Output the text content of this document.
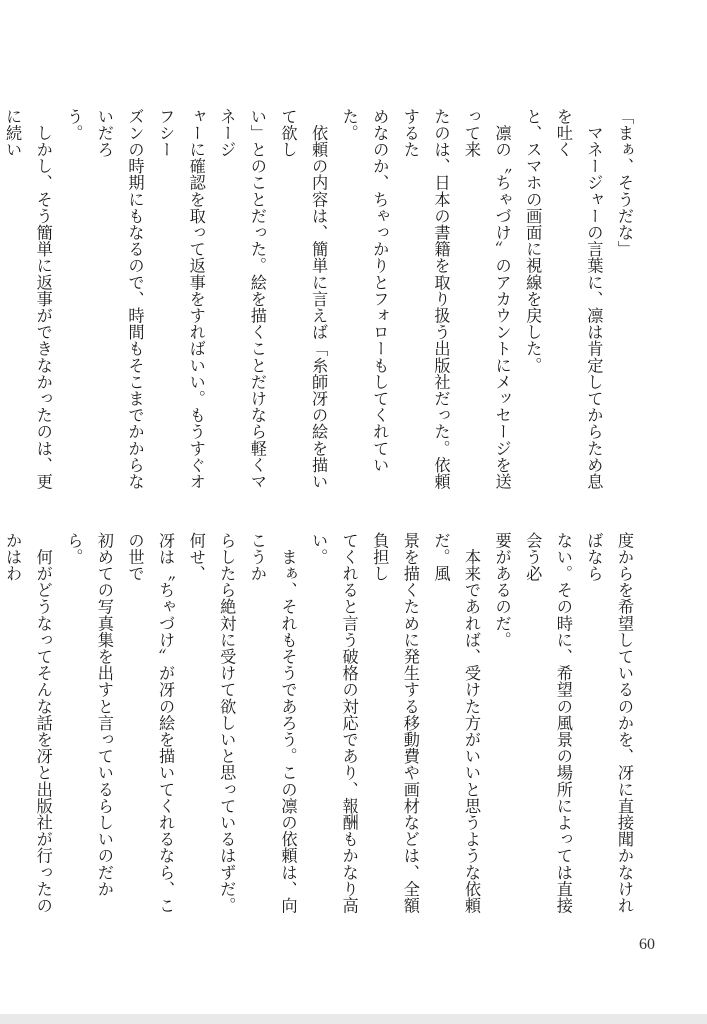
「まぁ、そうだな」

　マネージャーの言葉に、凛は肯定してからため息を吐く
と、スマホの画面に視線を戻した。

　凛の〝ちゃづけ〟のアカウントにメッセージを送って来
たのは、日本の書籍を取り扱う出版社だった。依頼するた
めなのか、ちゃっかりとフォローもしてくれていた。

　依頼の内容は、簡単に言えば「糸師冴の絵を描いて欲し
い」とのことだった。絵を描くことだけなら軽くマネージ
ャーに確認を取って返事をすればいい。もうすぐオフシー
ズンの時期にもなるので、時間もそこまでかからないだろ
う。

　しかし、そう簡単に返事ができなかったのは、更に続い

度からを希望しているのかを、冴に直接聞かなければなら
ない。その時に、希望の風景の場所によっては直接会う必
要があるのだ。

　本来であれば、受けた方がいいと思うような依頼だ。風
景を描くために発生する移動費や画材などは、全額負担し
てくれると言う破格の対応であり、報酬もかなり高い。

　まぁ、それもそうであろう。この凛の依頼は、向こうか
らしたら絶対に受けて欲しいと思っているはずだ。何せ、
冴は〝ちゃづけ〟が冴の絵を描いてくれるなら、この世で
初めての写真集を出すと言っているらしいのだから。

　何がどうなってそんな話を冴と出版社が行ったのかはわ

60
